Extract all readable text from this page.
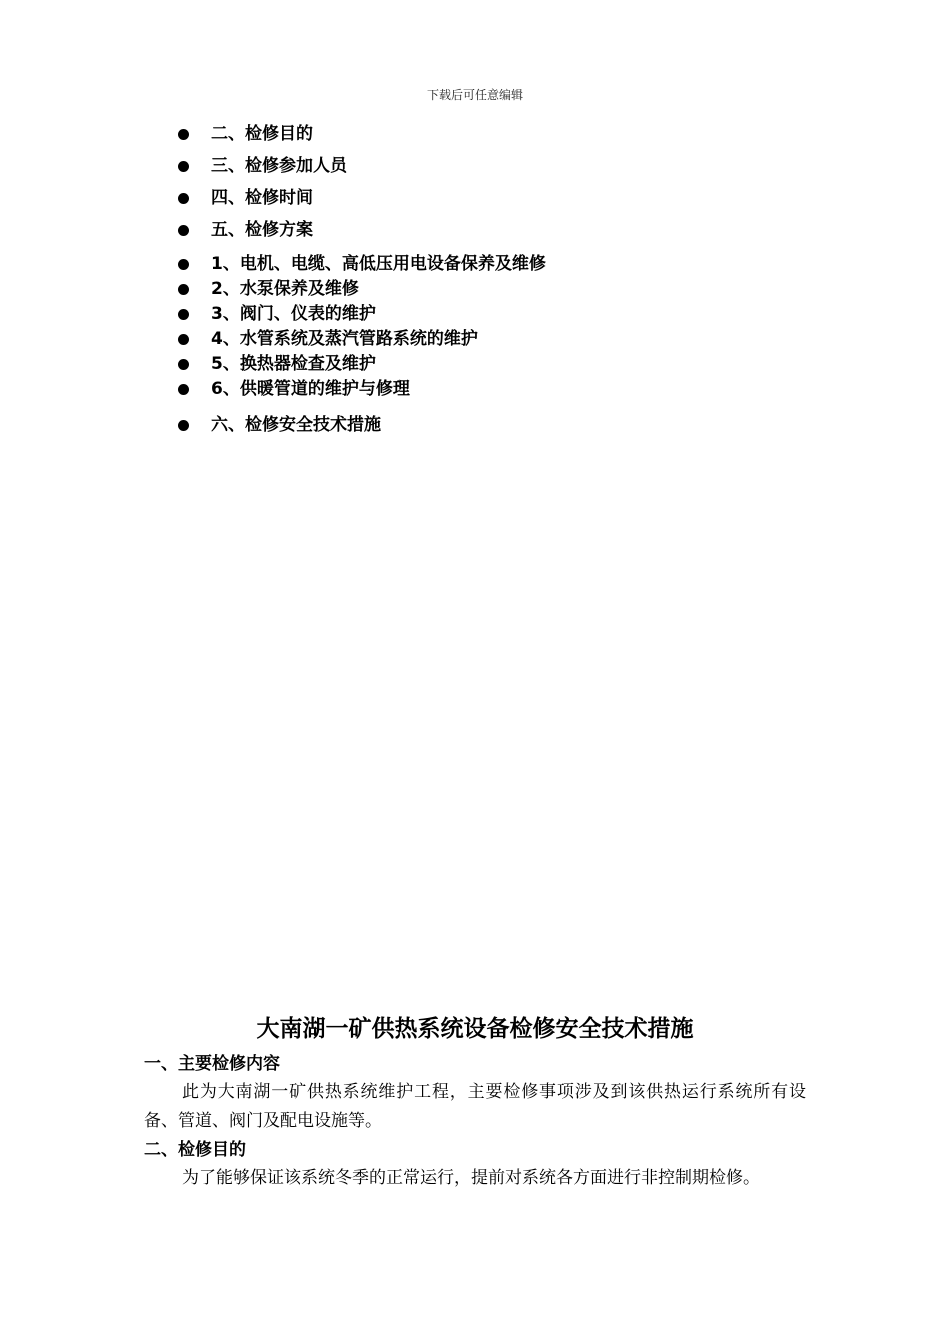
下载后可任意编辑
二、检修目的
三、检修参加人员
四、检修时间
五、检修方案
1、电机、电缆、高低压用电设备保养及维修
2、水泵保养及维修
3、阀门、仪表的维护
4、水管系统及蒸汽管路系统的维护
5、换热器检查及维护
6、供暖管道的维护与修理
六、检修安全技术措施
大南湖一矿供热系统设备检修安全技术措施
一、主要检修内容

此为大南湖一矿供热系统维护工程，主要检修事项涉及到该供热运行系统所有设备、管道、阀门及配电设施等。

二、检修目的

为了能够保证该系统冬季的正常运行，提前对系统各方面进行非控制期检修。
